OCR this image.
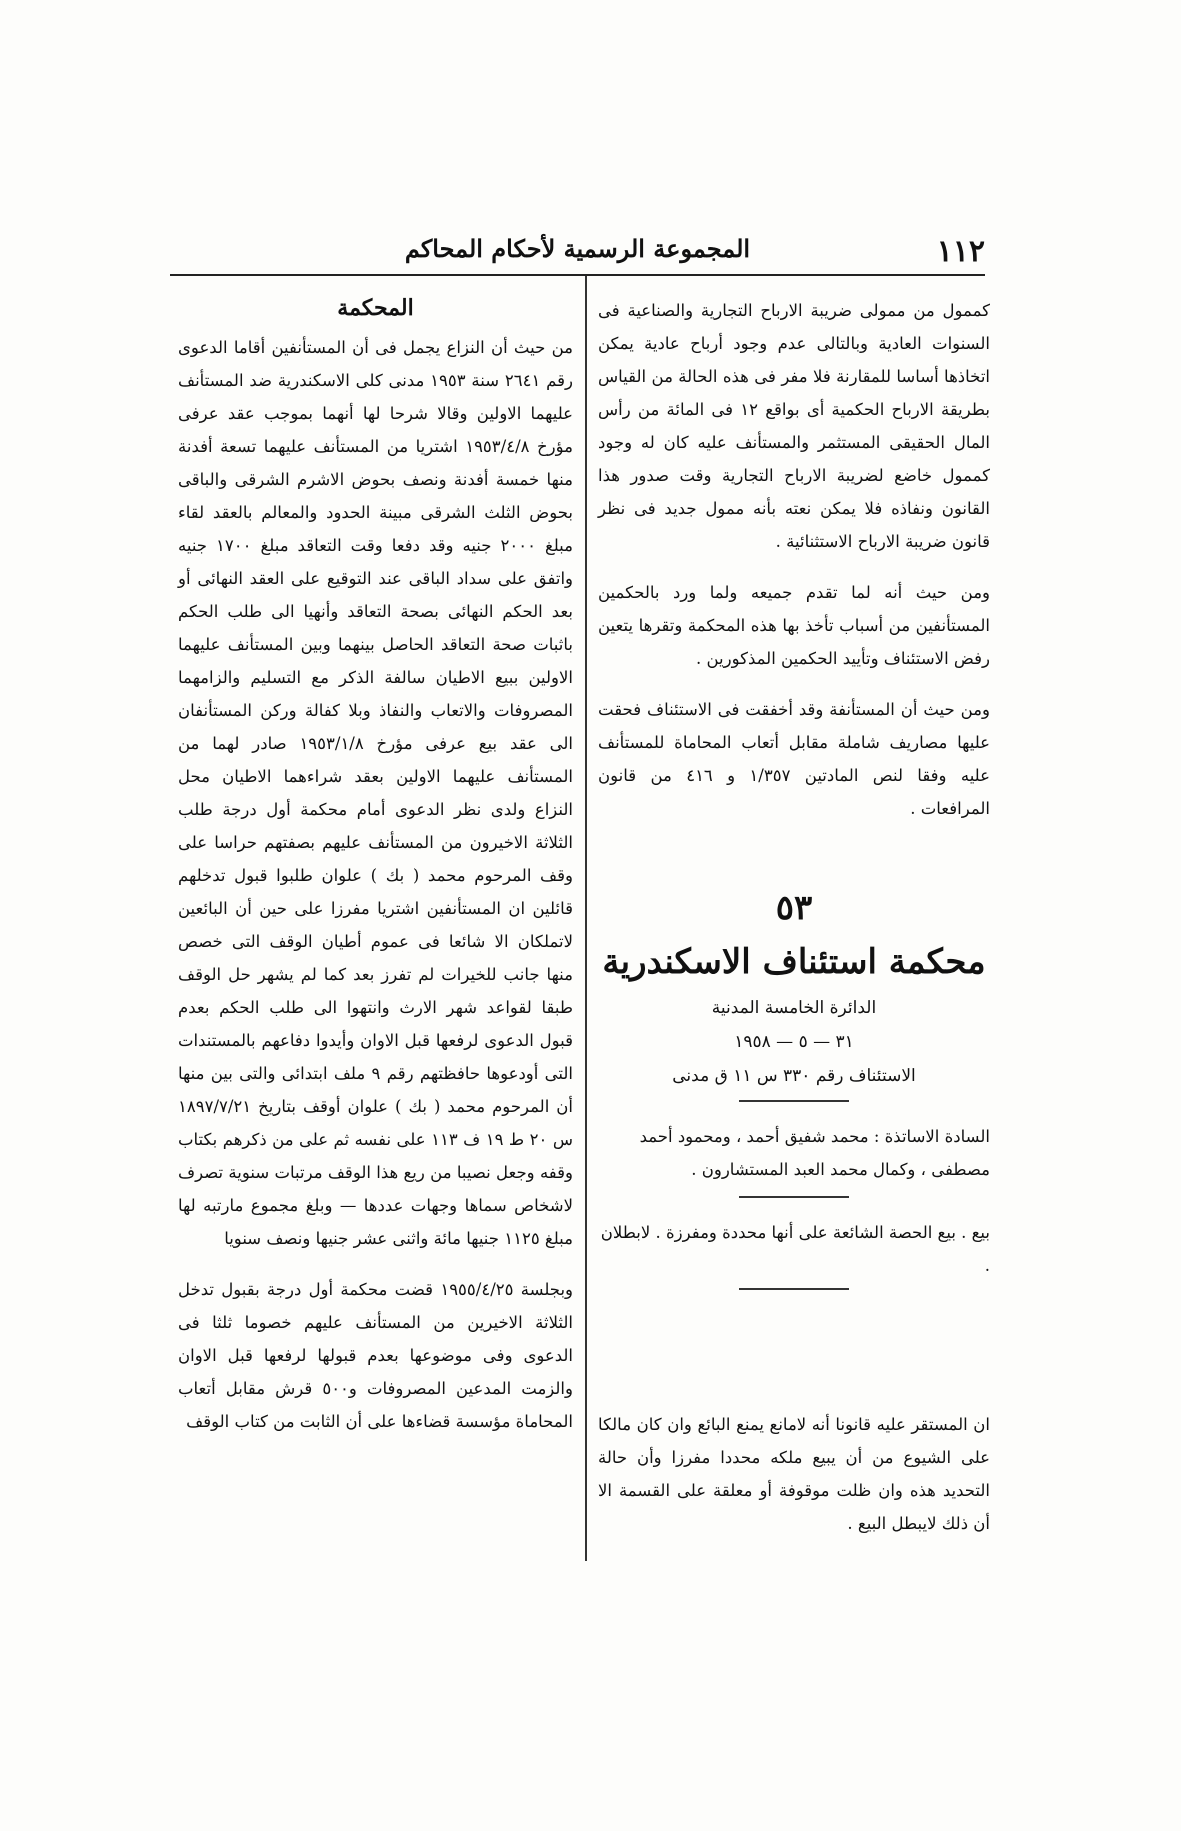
١١٢
المجموعة الرسمية لأحكام المحاكم

كممول من ممولى ضريبة الارباح التجارية والصناعية فى السنوات العادية وبالتالى عدم وجود أرباح عادية يمكن اتخاذها أساسا للمقارنة فلا مفر فى هذه الحالة من القياس بطريقة الارباح الحكمية أى بواقع ١٢ فى المائة من رأس المال الحقيقى المستثمر والمستأنف عليه كان له وجود كممول خاضع لضريبة الارباح التجارية وقت صدور هذا القانون ونفاذه فلا يمكن نعته بأنه ممول جديد فى نظر قانون ضريبة الارباح الاستثنائية .

ومن حيث أنه لما تقدم جميعه ولما ورد بالحكمين المستأنفين من أسباب تأخذ بها هذه المحكمة وتقرها يتعين رفض الاستئناف وتأييد الحكمين المذكورين .

ومن حيث أن المستأنفة وقد أخفقت فى الاستئناف فحقت عليها مصاريف شاملة مقابل أتعاب المحاماة للمستأنف عليه وفقا لنص المادتين ١/٣٥٧ و ٤١٦ من قانون المرافعات .

٥٣
محكمة استئناف الاسكندرية
الدائرة الخامسة المدنية
٣١ — ٥ — ١٩٥٨
الاستئناف رقم ٣٣٠ س ١١ ق مدنى
السادة الاساتذة : محمد شفيق أحمد ، ومحمود أحمد مصطفى ، وكمال محمد العبد المستشارون .
بيع . بيع الحصة الشائعة على أنها محددة ومفرزة . لابطلان .

ان المستقر عليه قانونا أنه لامانع يمنع البائع وان كان مالكا على الشيوع من أن يبيع ملكه محددا مفرزا وأن حالة التحديد هذه وان ظلت موقوفة أو معلقة على القسمة الا أن ذلك لايبطل البيع .

المحكمة

من حيث أن النزاع يجمل فى أن المستأنفين أقاما الدعوى رقم ٢٦٤١ سنة ١٩٥٣ مدنى كلى الاسكندرية ضد المستأنف عليهما الاولين وقالا شرحا لها أنهما بموجب عقد عرفى مؤرخ ١٩٥٣/٤/٨ اشتريا من المستأنف عليهما تسعة أفدنة منها خمسة أفدنة ونصف بحوض الاشرم الشرقى والباقى بحوض الثلث الشرقى مبينة الحدود والمعالم بالعقد لقاء مبلغ ٢٠٠٠ جنيه وقد دفعا وقت التعاقد مبلغ ١٧٠٠ جنيه واتفق على سداد الباقى عند التوقيع على العقد النهائى أو بعد الحكم النهائى بصحة التعاقد وأنهيا الى طلب الحكم باثبات صحة التعاقد الحاصل بينهما وبين المستأنف عليهما الاولين ببيع الاطيان سالفة الذكر مع التسليم والزامهما المصروفات والاتعاب والنفاذ وبلا كفالة وركن المستأنفان الى عقد بيع عرفى مؤرخ ١٩٥٣/١/٨ صادر لهما من المستأنف عليهما الاولين بعقد شراءهما الاطيان محل النزاع ولدى نظر الدعوى أمام محكمة أول درجة طلب الثلاثة الاخيرون من المستأنف عليهم بصفتهم حراسا على وقف المرحوم محمد ( بك ) علوان طلبوا قبول تدخلهم قائلين ان المستأنفين اشتريا مفرزا على حين أن البائعين لاتملكان الا شائعا فى عموم أطيان الوقف التى خصص منها جانب للخيرات لم تفرز بعد كما لم يشهر حل الوقف طبقا لقواعد شهر الارث وانتهوا الى طلب الحكم بعدم قبول الدعوى لرفعها قبل الاوان وأيدوا دفاعهم بالمستندات التى أودعوها حافظتهم رقم ٩ ملف ابتدائى والتى بين منها أن المرحوم محمد ( بك ) علوان أوقف بتاريخ ١٨٩٧/٧/٢١ س ٢٠ ط ١٩ ف ١١٣ على نفسه ثم على من ذكرهم بكتاب وقفه وجعل نصيبا من ريع هذا الوقف مرتبات سنوية تصرف لاشخاص سماها وجهات عددها — وبلغ مجموع مارتبه لها مبلغ ١١٢٥ جنيها مائة واثنى عشر جنيها ونصف سنويا

وبجلسة ١٩٥٥/٤/٢٥ قضت محكمة أول درجة بقبول تدخل الثلاثة الاخيرين من المستأنف عليهم خصوما ثلثا فى الدعوى وفى موضوعها بعدم قبولها لرفعها قبل الاوان والزمت المدعين المصروفات و٥٠٠ قرش مقابل أتعاب المحاماة مؤسسة قضاءها على أن الثابت من كتاب الوقف
